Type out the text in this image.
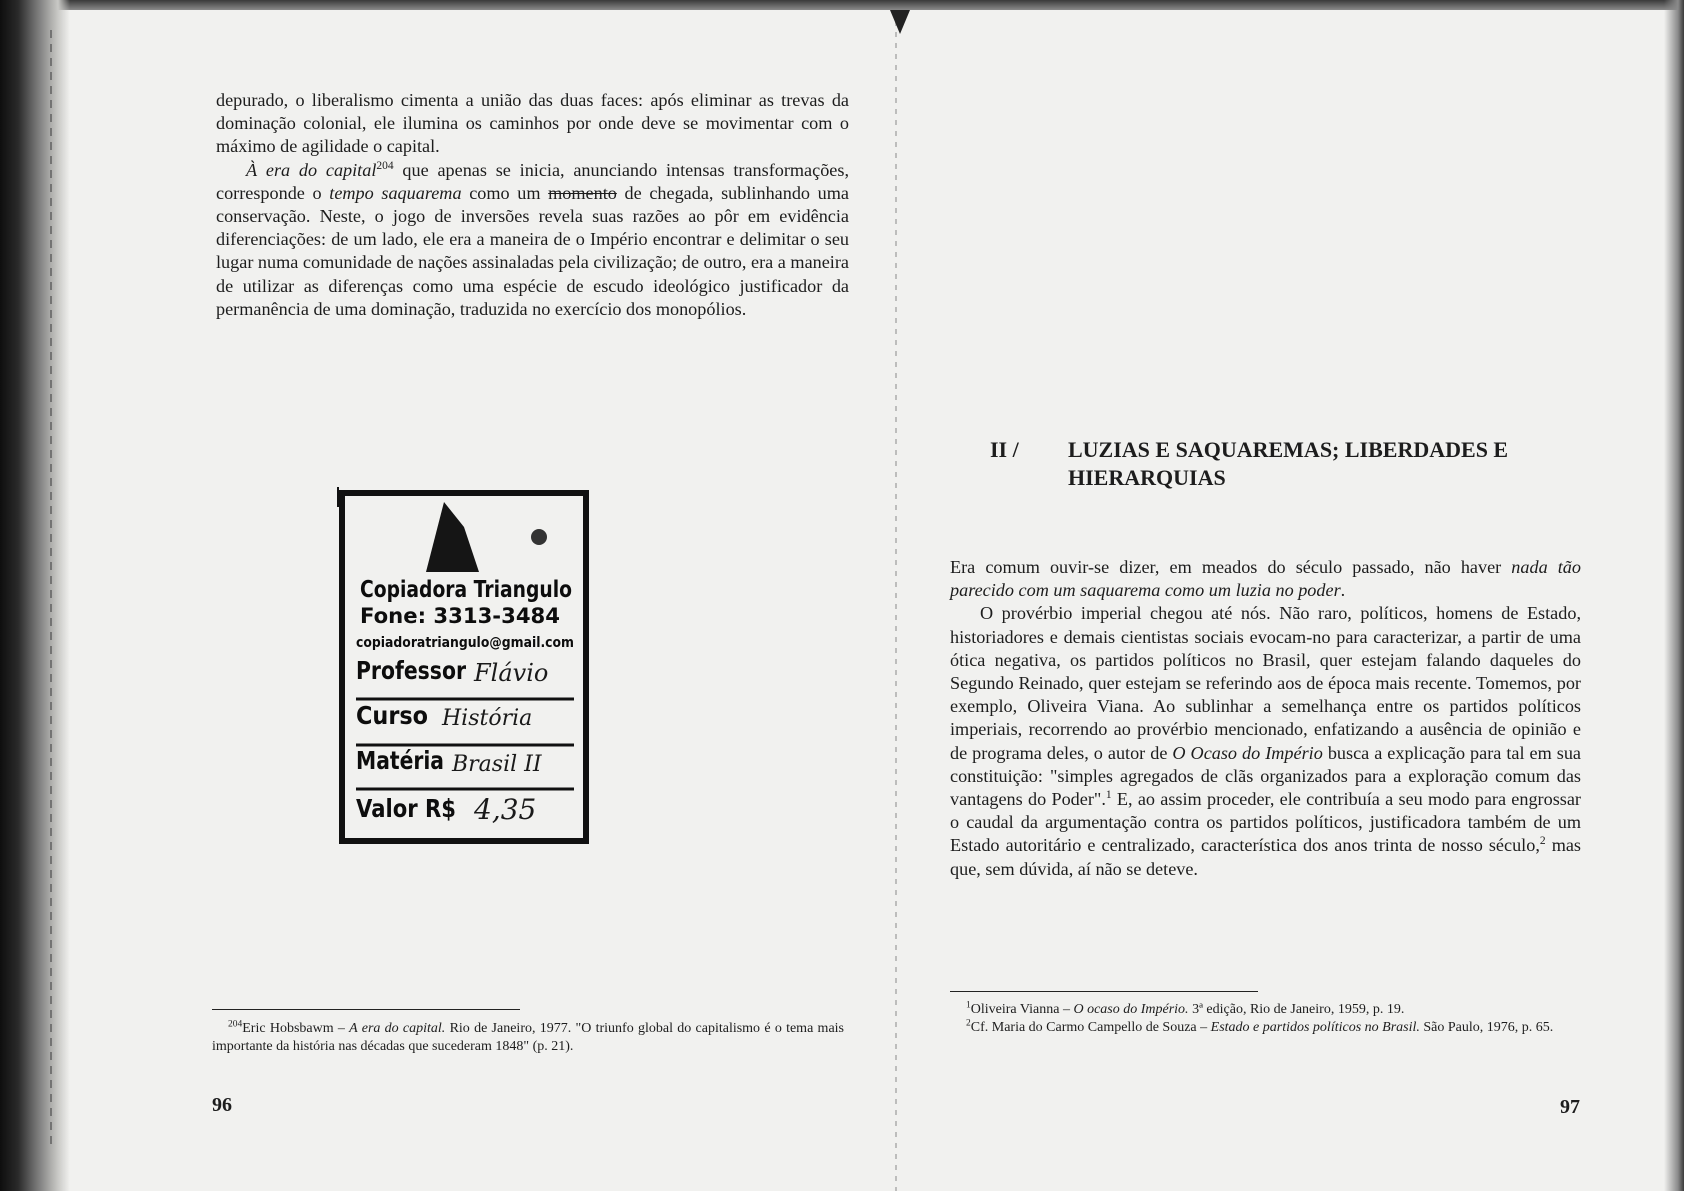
depurado, o liberalismo cimenta a união das duas faces: após eliminar as trevas da dominação colonial, ele ilumina os caminhos por onde deve se movimentar com o máximo de agilidade o capital.

À era do capital$^{204}$ que apenas se inicia, anunciando intensas transformações, corresponde o tempo saquarema como um momento de chegada, sublinhando uma conservação. Neste, o jogo de inversões revela suas razões ao pôr em evidência diferenciações: de um lado, ele era a maneira de o Império encontrar e delimitar o seu lugar numa comunidade de nações assinaladas pela civilização; de outro, era a maneira de utilizar as diferenças como uma espécie de escudo ideológico justificador da permanência de uma dominação, traduzida no exercício dos monopólios.

Copiadora Triangulo
Fone: 3313-3484
copiadoratriangulo@gmail.com
Professor
Curso
Matéria
Valor R$
Flávio
História
Brasil II
4,35

$^{204}$Eric Hobsbawm – A era do capital. Rio de Janeiro, 1977. "O triunfo global do capitalismo é o tema mais importante da história nas décadas que sucederam 1848" (p. 21).

96
II / LUZIAS E SAQUAREMAS; LIBERDADES E HIERARQUIAS

Era comum ouvir-se dizer, em meados do século passado, não haver nada tão parecido com um saquarema como um luzia no poder.

O provérbio imperial chegou até nós. Não raro, políticos, homens de Estado, historiadores e demais cientistas sociais evocam-no para caracterizar, a partir de uma ótica negativa, os partidos políticos no Brasil, quer estejam falando daqueles do Segundo Reinado, quer estejam se referindo aos de época mais recente. Tomemos, por exemplo, Oliveira Viana. Ao sublinhar a semelhança entre os partidos políticos imperiais, recorrendo ao provérbio mencionado, enfatizando a ausência de opinião e de programa deles, o autor de O Ocaso do Império busca a explicação para tal em sua constituição: "simples agregados de clãs organizados para a exploração comum das vantagens do Poder".$^1$ E, ao assim proceder, ele contribuía a seu modo para engrossar o caudal da argumentação contra os partidos políticos, justificadora também de um Estado autoritário e centralizado, característica dos anos trinta de nosso século,$^2$ mas que, sem dúvida, aí não se deteve.

$^1$Oliveira Vianna – O ocaso do Império. 3ª edição, Rio de Janeiro, 1959, p. 19.

$^2$Cf. Maria do Carmo Campello de Souza – Estado e partidos políticos no Brasil. São Paulo, 1976, p. 65.

97
